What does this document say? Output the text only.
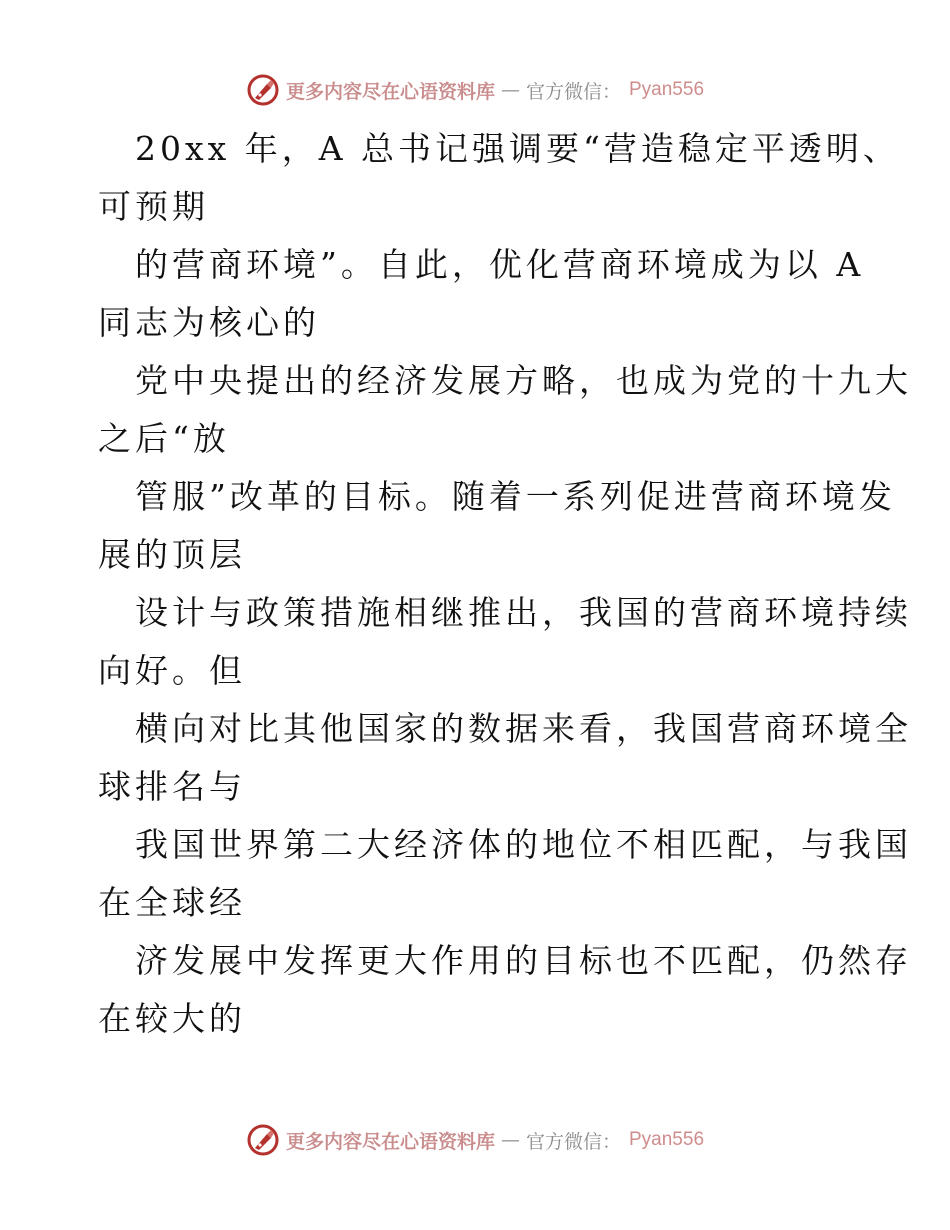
更多内容尽在心语资料库 — 官方微信： Pyan556
20xx 年，A 总书记强调要“营造稳定平透明、
可预期
的营商环境”。自此，优化营商环境成为以 A
同志为核心的
党中央提出的经济发展方略，也成为党的十九大
之后“放
管服”改革的目标。随着一系列促进营商环境发
展的顶层
设计与政策措施相继推出，我国的营商环境持续
向好。但
横向对比其他国家的数据来看，我国营商环境全
球排名与
我国世界第二大经济体的地位不相匹配，与我国
在全球经
济发展中发挥更大作用的目标也不匹配，仍然存
在较大的
更多内容尽在心语资料库 — 官方微信： Pyan556
